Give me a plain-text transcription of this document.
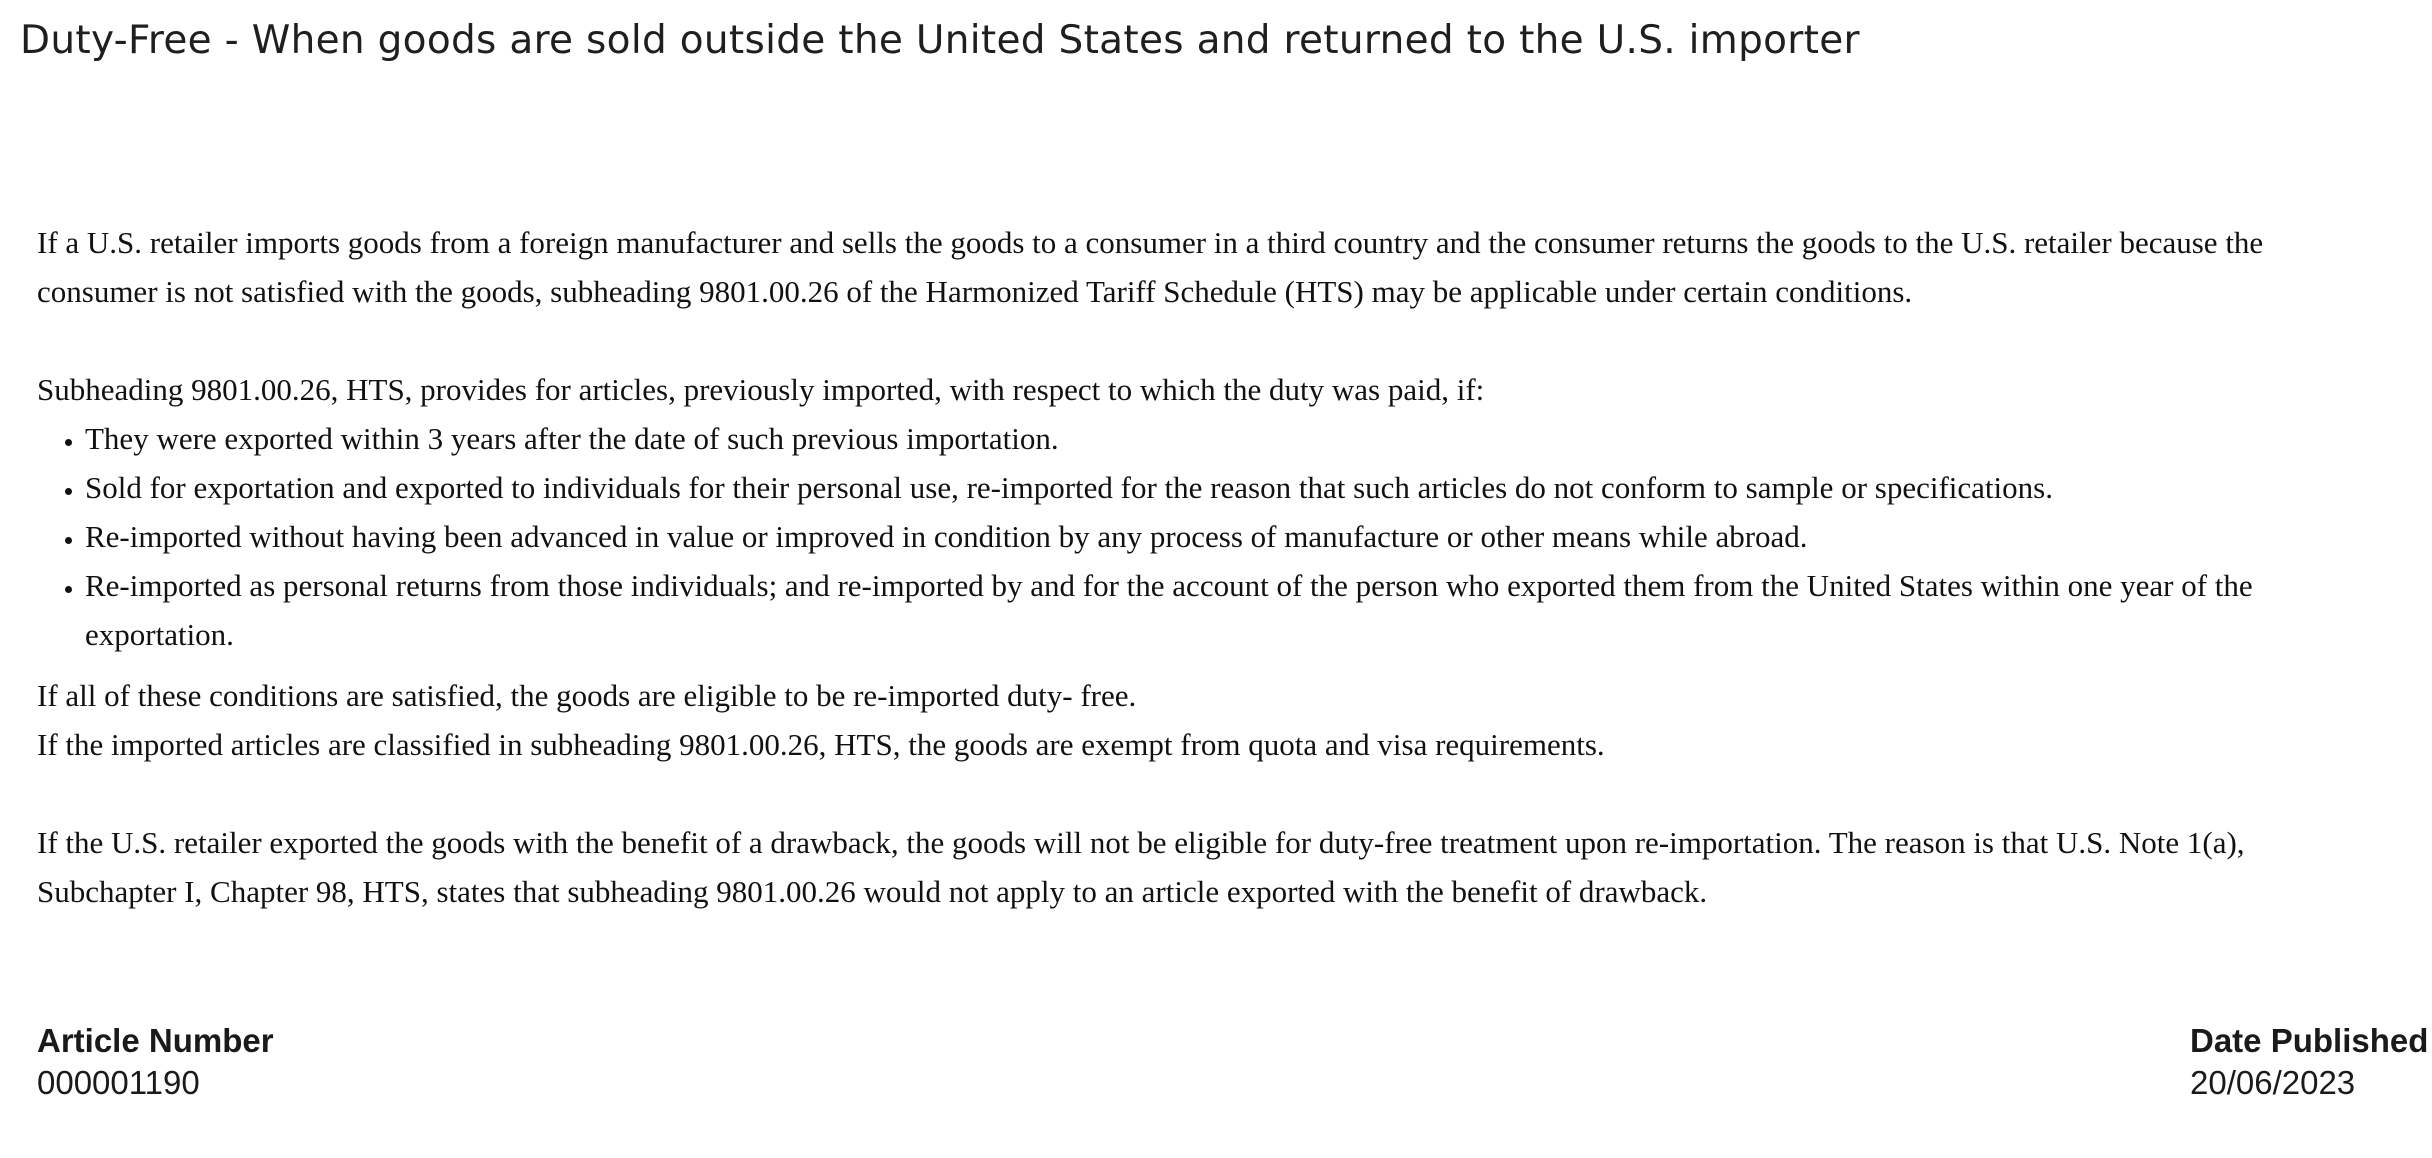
Duty-Free - When goods are sold outside the United States and returned to the U.S. importer

If a U.S. retailer imports goods from a foreign manufacturer and sells the goods to a consumer in a third country and the consumer returns the goods to the U.S. retailer because the consumer is not satisfied with the goods, subheading 9801.00.26 of the Harmonized Tariff Schedule (HTS) may be applicable under certain conditions.

Subheading 9801.00.26, HTS, provides for articles, previously imported, with respect to which the duty was paid, if:

• They were exported within 3 years after the date of such previous importation.
• Sold for exportation and exported to individuals for their personal use, re-imported for the reason that such articles do not conform to sample or specifications.
• Re-imported without having been advanced in value or improved in condition by any process of manufacture or other means while abroad.
• Re-imported as personal returns from those individuals; and re-imported by and for the account of the person who exported them from the United States within one year of the exportation.

If all of these conditions are satisfied, the goods are eligible to be re-imported duty- free.

If the imported articles are classified in subheading 9801.00.26, HTS, the goods are exempt from quota and visa requirements.

If the U.S. retailer exported the goods with the benefit of a drawback, the goods will not be eligible for duty-free treatment upon re-importation. The reason is that U.S. Note 1(a), Subchapter I, Chapter 98, HTS, states that subheading 9801.00.26 would not apply to an article exported with the benefit of drawback.

Article Number
000001190
Date Published
20/06/2023
